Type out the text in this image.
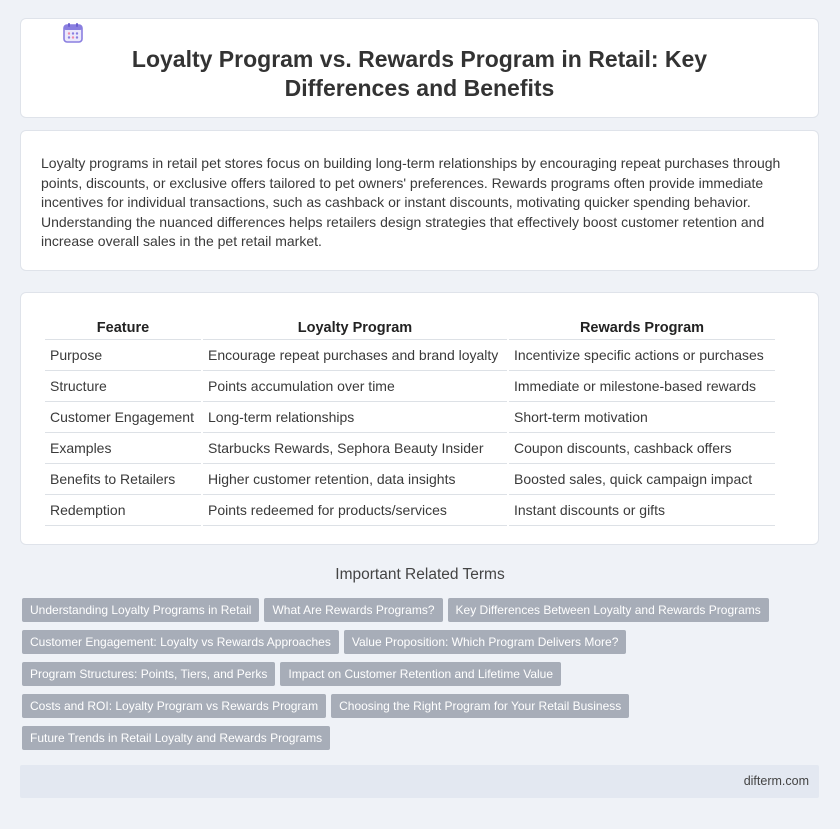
Loyalty Program vs. Rewards Program in Retail: Key Differences and Benefits

Loyalty programs in retail pet stores focus on building long-term relationships by encouraging repeat purchases through points, discounts, or exclusive offers tailored to pet owners' preferences. Rewards programs often provide immediate incentives for individual transactions, such as cashback or instant discounts, motivating quicker spending behavior. Understanding the nuanced differences helps retailers design strategies that effectively boost customer retention and increase overall sales in the pet retail market.

Feature	Loyalty Program	Rewards Program
Purpose	Encourage repeat purchases and brand loyalty	Incentivize specific actions or purchases
Structure	Points accumulation over time	Immediate or milestone-based rewards
Customer Engagement	Long-term relationships	Short-term motivation
Examples	Starbucks Rewards, Sephora Beauty Insider	Coupon discounts, cashback offers
Benefits to Retailers	Higher customer retention, data insights	Boosted sales, quick campaign impact
Redemption	Points redeemed for products/services	Instant discounts or gifts
Important Related Terms
Understanding Loyalty Programs in Retail What Are Rewards Programs? Key Differences Between Loyalty and Rewards Programs
Customer Engagement: Loyalty vs Rewards Approaches Value Proposition: Which Program Delivers More?
Program Structures: Points, Tiers, and Perks Impact on Customer Retention and Lifetime Value
Costs and ROI: Loyalty Program vs Rewards Program Choosing the Right Program for Your Retail Business
Future Trends in Retail Loyalty and Rewards Programs
difterm.com
